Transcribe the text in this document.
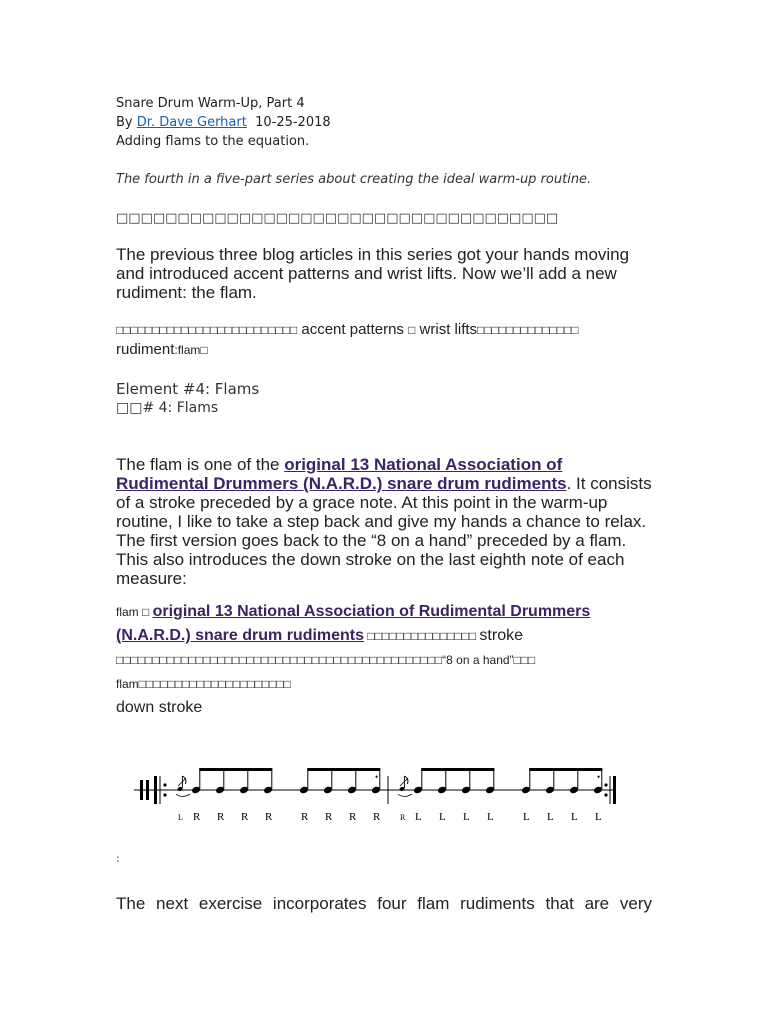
Snare Drum Warm-Up, Part 4
By Dr. Dave Gerhart 10-25-2018
Adding flams to the equation.
The fourth in a five-part series about creating the ideal warm-up routine.
□□□□□□□□□□□□□□□□□□□□□□□□□□□□□□□□□□□□
The previous three blog articles in this series got your hands moving and introduced accent patterns and wrist lifts. Now we’ll add a new rudiment: the flam.
□□□□□□□□□□□□□□□□□□□□□□□□□ accent patterns □ wrist lifts□□□□□□□□□□□□□□ rudiment:flam□
Element #4: Flams
□□# 4: Flams
The flam is one of the original 13 National Association of Rudimental Drummers (N.A.R.D.) snare drum rudiments. It consists of a stroke preceded by a grace note. At this point in the warm-up routine, I like to take a step back and give my hands a chance to relax. The first version goes back to the “8 on a hand” preceded by a flam. This also introduces the down stroke on the last eighth note of each measure:
flam □ original 13 National Association of Rudimental Drummers (N.A.R.D.) snare drum rudiments □□□□□□□□□□□□□□□ stroke □□□□□□□□□□□□□□□□□□□□□□□□□□□□□□□□□□□□□□□□□□□□□“8 on a hand”□□□ flam□□□□□□□□□□□□□□□□□□□□□
down stroke
•
L R R R R	R R R R
•
R L L L L	L L L L
:
The next exercise incorporates four flam rudiments that are very
